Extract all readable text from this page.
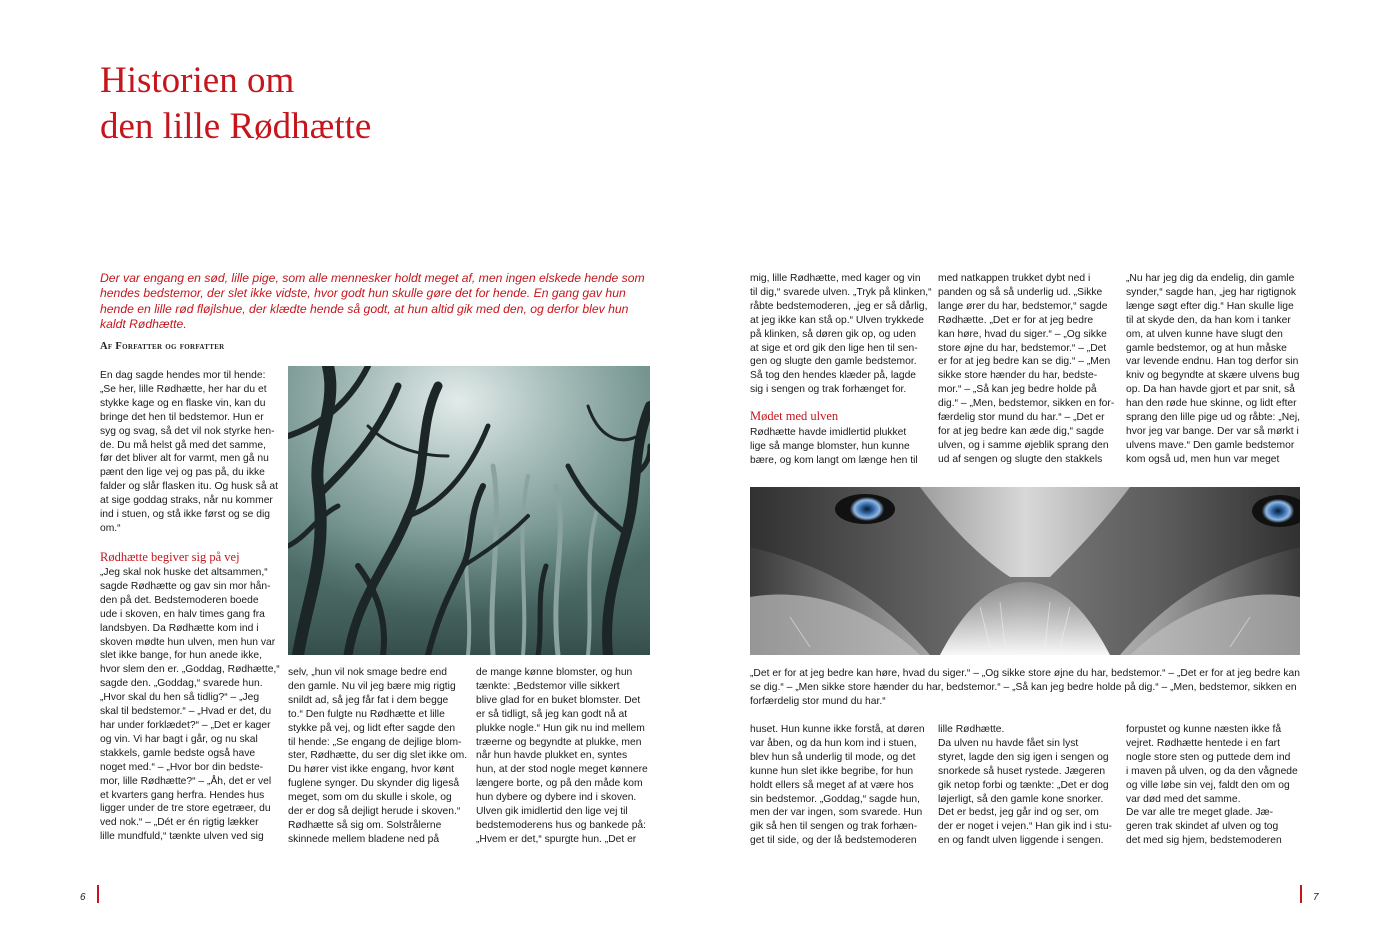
Historien om
den lille Rødhætte
Der var engang en sød, lille pige, som alle mennesker holdt meget af, men ingen elskede hende som hendes bedstemor, der slet ikke vidste, hvor godt hun skulle gøre det for hende. En gang gav hun hende en lille rød fløjlshue, der klædte hende så godt, at hun altid gik med den, og derfor blev hun kaldt Rødhætte.
Af Forfatter og forfatter

En dag sagde hendes mor til hende:

„Se her, lille Rødhætte, her har du et

stykke kage og en flaske vin, kan du

bringe det hen til bedstemor. Hun er

syg og svag, så det vil nok styrke hen-

de. Du må helst gå med det samme,

før det bliver alt for varmt, men gå nu

pænt den lige vej og pas på, du ikke

falder og slår flasken itu. Og husk så at

at sige goddag straks, når nu kommer

ind i stuen, og stå ikke først og se dig

om.“

Rødhætte begiver sig på vej

„Jeg skal nok huske det altsammen,“

sagde Rødhætte og gav sin mor hån-

den på det. Bedstemoderen boede

ude i skoven, en halv times gang fra

landsbyen. Da Rødhætte kom ind i

skoven mødte hun ulven, men hun var

slet ikke bange, for hun anede ikke,

hvor slem den er. „Goddag, Rødhætte,“

sagde den. „Goddag,“ svarede hun.

„Hvor skal du hen så tidlig?“ – „Jeg

skal til bedstemor.“ – „Hvad er det, du

har under forklædet?“ – „Det er kager

og vin. Vi har bagt i går, og nu skal

stakkels, gamle bedste også have

noget med.“ – „Hvor bor din bedste-

mor, lille Rødhætte?“ – „Åh, det er vel

et kvarters gang herfra. Hendes hus

ligger under de tre store egetræer, du

ved nok.“ – „Dét er én rigtig lækker

lille mundfuld,“ tænkte ulven ved sig

selv, „hun vil nok smage bedre end

den gamle. Nu vil jeg bære mig rigtig

snildt ad, så jeg får fat i dem begge

to.“ Den fulgte nu Rødhætte et lille

stykke på vej, og lidt efter sagde den

til hende: „Se engang de dejlige blom-

ster, Rødhætte, du ser dig slet ikke om.

Du hører vist ikke engang, hvor kønt

fuglene synger. Du skynder dig ligeså

meget, som om du skulle i skole, og

der er dog så dejligt herude i skoven.“

Rødhætte så sig om. Solstrålerne

skinnede mellem bladene ned på

de mange kønne blomster, og hun

tænkte: „Bedstemor ville sikkert

blive glad for en buket blomster. Det

er så tidligt, så jeg kan godt nå at

plukke nogle.“ Hun gik nu ind mellem

træerne og begyndte at plukke, men

når hun havde plukket en, syntes

hun, at der stod nogle meget kønnere

længere borte, og på den måde kom

hun dybere og dybere ind i skoven.

Ulven gik imidlertid den lige vej til

bedstemoderens hus og bankede på:

„Hvem er det,“ spurgte hun. „Det er

mig, lille Rødhætte, med kager og vin

til dig,“ svarede ulven. „Tryk på klinken,“

råbte bedstemoderen, „jeg er så dårlig,

at jeg ikke kan stå op.“ Ulven trykkede

på klinken, så døren gik op, og uden

at sige et ord gik den lige hen til sen-

gen og slugte den gamle bedstemor.

Så tog den hendes klæder på, lagde

sig i sengen og trak forhænget for.

Mødet med ulven

Rødhætte havde imidlertid plukket

lige så mange blomster, hun kunne

bære, og kom langt om længe hen til

med natkappen trukket dybt ned i

panden og så så underlig ud. „Sikke

lange ører du har, bedstemor,“ sagde

Rødhætte. „Det er for at jeg bedre

kan høre, hvad du siger.“ – „Og sikke

store øjne du har, bedstemor.“ – „Det

er for at jeg bedre kan se dig.“ – „Men

sikke store hænder du har, bedste-

mor.“ – „Så kan jeg bedre holde på

dig.“ – „Men, bedstemor, sikken en for-

færdelig stor mund du har.“ – „Det er

for at jeg bedre kan æde dig,“ sagde

ulven, og i samme øjeblik sprang den

ud af sengen og slugte den stakkels

„Nu har jeg dig da endelig, din gamle

synder,“ sagde han, „jeg har rigtignok

længe søgt efter dig.“ Han skulle lige

til at skyde den, da han kom i tanker

om, at ulven kunne have slugt den

gamle bedstemor, og at hun måske

var levende endnu. Han tog derfor sin

kniv og begyndte at skære ulvens bug

op. Da han havde gjort et par snit, så

han den røde hue skinne, og lidt efter

sprang den lille pige ud og råbte: „Nej,

hvor jeg var bange. Der var så mørkt i

ulvens mave.“ Den gamle bedstemor

kom også ud, men hun var meget

„Det er for at jeg bedre kan høre, hvad du siger.“ – „Og sikke store øjne du har, bedstemor.“ – „Det er for at jeg bedre kan

se dig.“ – „Men sikke store hænder du har, bedstemor.“ – „Så kan jeg bedre holde på dig.“ – „Men, bedstemor, sikken en

forfærdelig stor mund du har.“

huset. Hun kunne ikke forstå, at døren

var åben, og da hun kom ind i stuen,

blev hun så underlig til mode, og det

kunne hun slet ikke begribe, for hun

holdt ellers så meget af at være hos

sin bedstemor. „Goddag,“ sagde hun,

men der var ingen, som svarede. Hun

gik så hen til sengen og trak forhæn-

get til side, og der lå bedstemoderen

lille Rødhætte.

Da ulven nu havde fået sin lyst

styret, lagde den sig igen i sengen og

snorkede så huset rystede. Jægeren

gik netop forbi og tænkte: „Det er dog

løjerligt, så den gamle kone snorker.

Det er bedst, jeg går ind og ser, om

der er noget i vejen.“ Han gik ind i stu-

en og fandt ulven liggende i sengen.

forpustet og kunne næsten ikke få

vejret. Rødhætte hentede i en fart

nogle store sten og puttede dem ind

i maven på ulven, og da den vågnede

og ville løbe sin vej, faldt den om og

var død med det samme.

De var alle tre meget glade. Jæ-

geren trak skindet af ulven og tog

det med sig hjem, bedstemoderen

6	7
